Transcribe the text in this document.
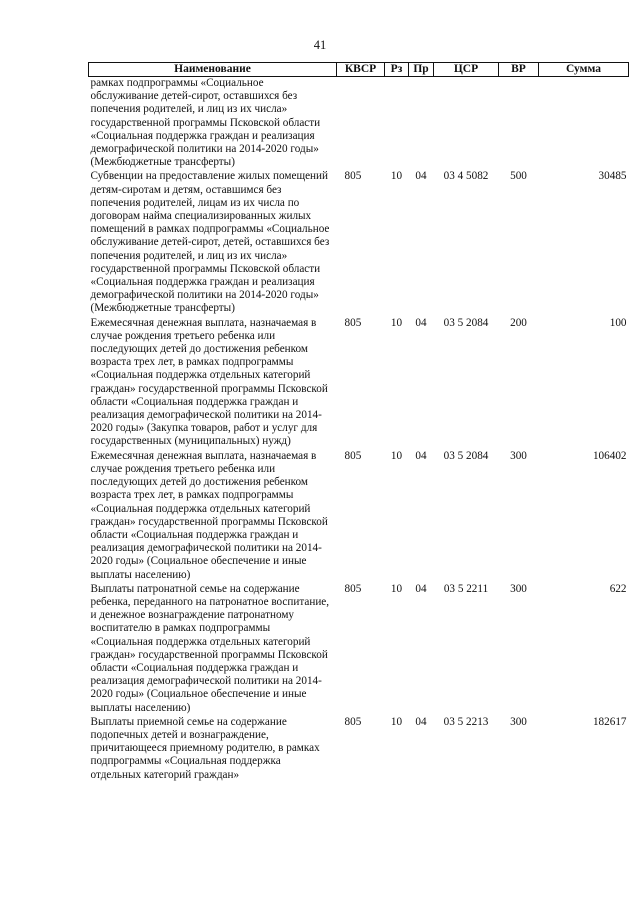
41
Наименование	КВСР	Рз	Пр	ЦСР	ВР	Сумма
рамках подпрограммы «Социальное обслуживание детей-сирот, оставшихся без попечения родителей, и лиц из их числа» государственной программы Псковской области «Социальная поддержка граждан и реализация демографической политики на 2014-2020 годы» (Межбюджетные трансферты)						
Субвенции на предоставление жилых помещений детям-сиротам и детям, оставшимся без попечения родителей, лицам из их числа по договорам найма специализированных жилых помещений в рамках подпрограммы «Социальное обслуживание детей-сирот, детей, оставшихся без попечения родителей, и лиц из их числа» государственной программы Псковской области «Социальная поддержка граждан и реализация демографической политики на 2014-2020 годы» (Межбюджетные трансферты)	805	10	04	03 4 5082	500	30485
Ежемесячная денежная выплата, назначаемая в случае рождения третьего ребенка или последующих детей до достижения ребенком возраста трех лет, в рамках подпрограммы «Социальная поддержка отдельных категорий граждан» государственной программы Псковской области «Социальная поддержка граждан и реализация демографической политики на 2014-2020 годы» (Закупка товаров, работ и услуг для государственных (муниципальных) нужд)	805	10	04	03 5 2084	200	100
Ежемесячная денежная выплата, назначаемая в случае рождения третьего ребенка или последующих детей до достижения ребенком возраста трех лет, в рамках подпрограммы «Социальная поддержка отдельных категорий граждан» государственной программы Псковской области «Социальная поддержка граждан и реализация демографической политики на 2014-2020 годы» (Социальное обеспечение и иные выплаты населению)	805	10	04	03 5 2084	300	106402
Выплаты патронатной семье на содержание ребенка, переданного на патронатное воспитание, и денежное вознаграждение патронатному воспитателю в рамках подпрограммы «Социальная поддержка отдельных категорий граждан» государственной программы Псковской области «Социальная поддержка граждан и реализация демографической политики на 2014-2020 годы» (Социальное обеспечение и иные выплаты населению)	805	10	04	03 5 2211	300	622
Выплаты приемной семье на содержание подопечных детей и вознаграждение, причитающееся приемному родителю, в рамках подпрограммы «Социальная поддержка отдельных категорий граждан»	805	10	04	03 5 2213	300	182617
